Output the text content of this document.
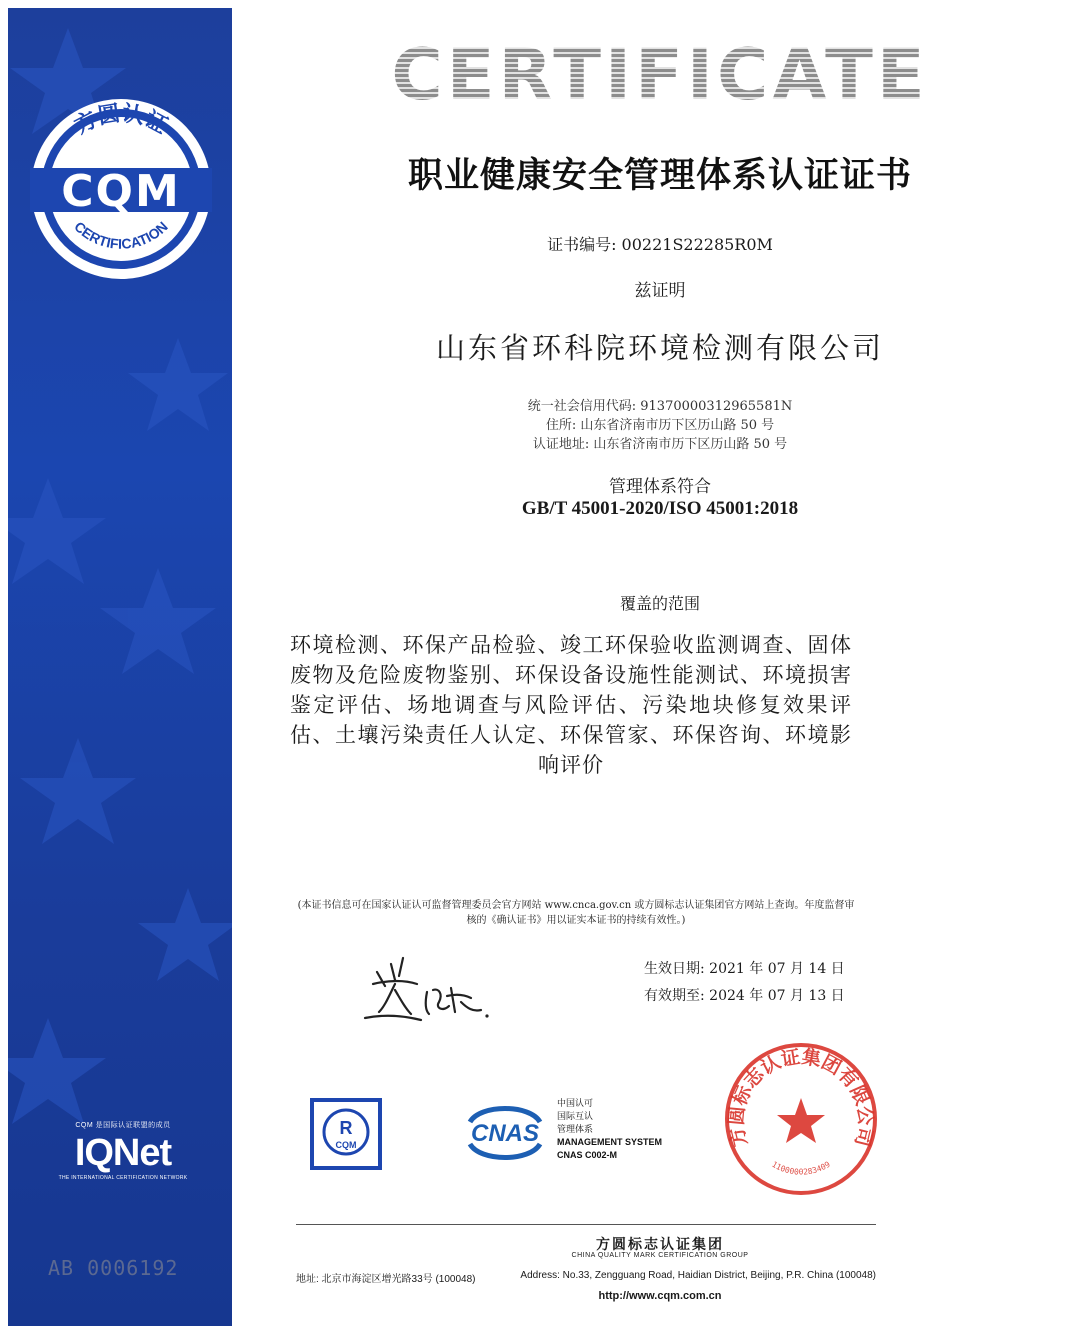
方圆认证
CQM
CERTIFICATION
CQM 是国际认证联盟的成员
IQNet
THE INTERNATIONAL CERTIFICATION NETWORK
AB 0006192
CERTIFICATE
职业健康安全管理体系认证证书
证书编号: 00221S22285R0M
兹证明
山东省环科院环境检测有限公司
统一社会信用代码: 91370000312965581N
住所: 山东省济南市历下区历山路 50 号
认证地址: 山东省济南市历下区历山路 50 号
管理体系符合
GB/T 45001-2020/ISO 45001:2018
覆盖的范围
环境检测、环保产品检验、竣工环保验收监测调查、固体废物及危险废物鉴别、环保设备设施性能测试、环境损害鉴定评估、场地调查与风险评估、污染地块修复效果评估、土壤污染责任人认定、环保管家、环保咨询、环境影响评价
(本证书信息可在国家认证认可监督管理委员会官方网站 www.cnca.gov.cn 或方圆标志认证集团官方网站上查询。年度监督审核的《确认证书》用以证实本证书的持续有效性。)
生效日期: 2021 年 07 月 14 日
有效期至: 2024 年 07 月 13 日
R
CQM	CNAS
中国认可
国际互认
管理体系
MANAGEMENT SYSTEM
CNAS C002-M
方圆标志认证集团有限公司
1100000283409
方圆标志认证集团
CHINA QUALITY MARK CERTIFICATION GROUP
地址: 北京市海淀区增光路33号 (100048)	Address: No.33, Zengguang Road, Haidian District, Beijing, P.R. China (100048)
http://www.cqm.com.cn
